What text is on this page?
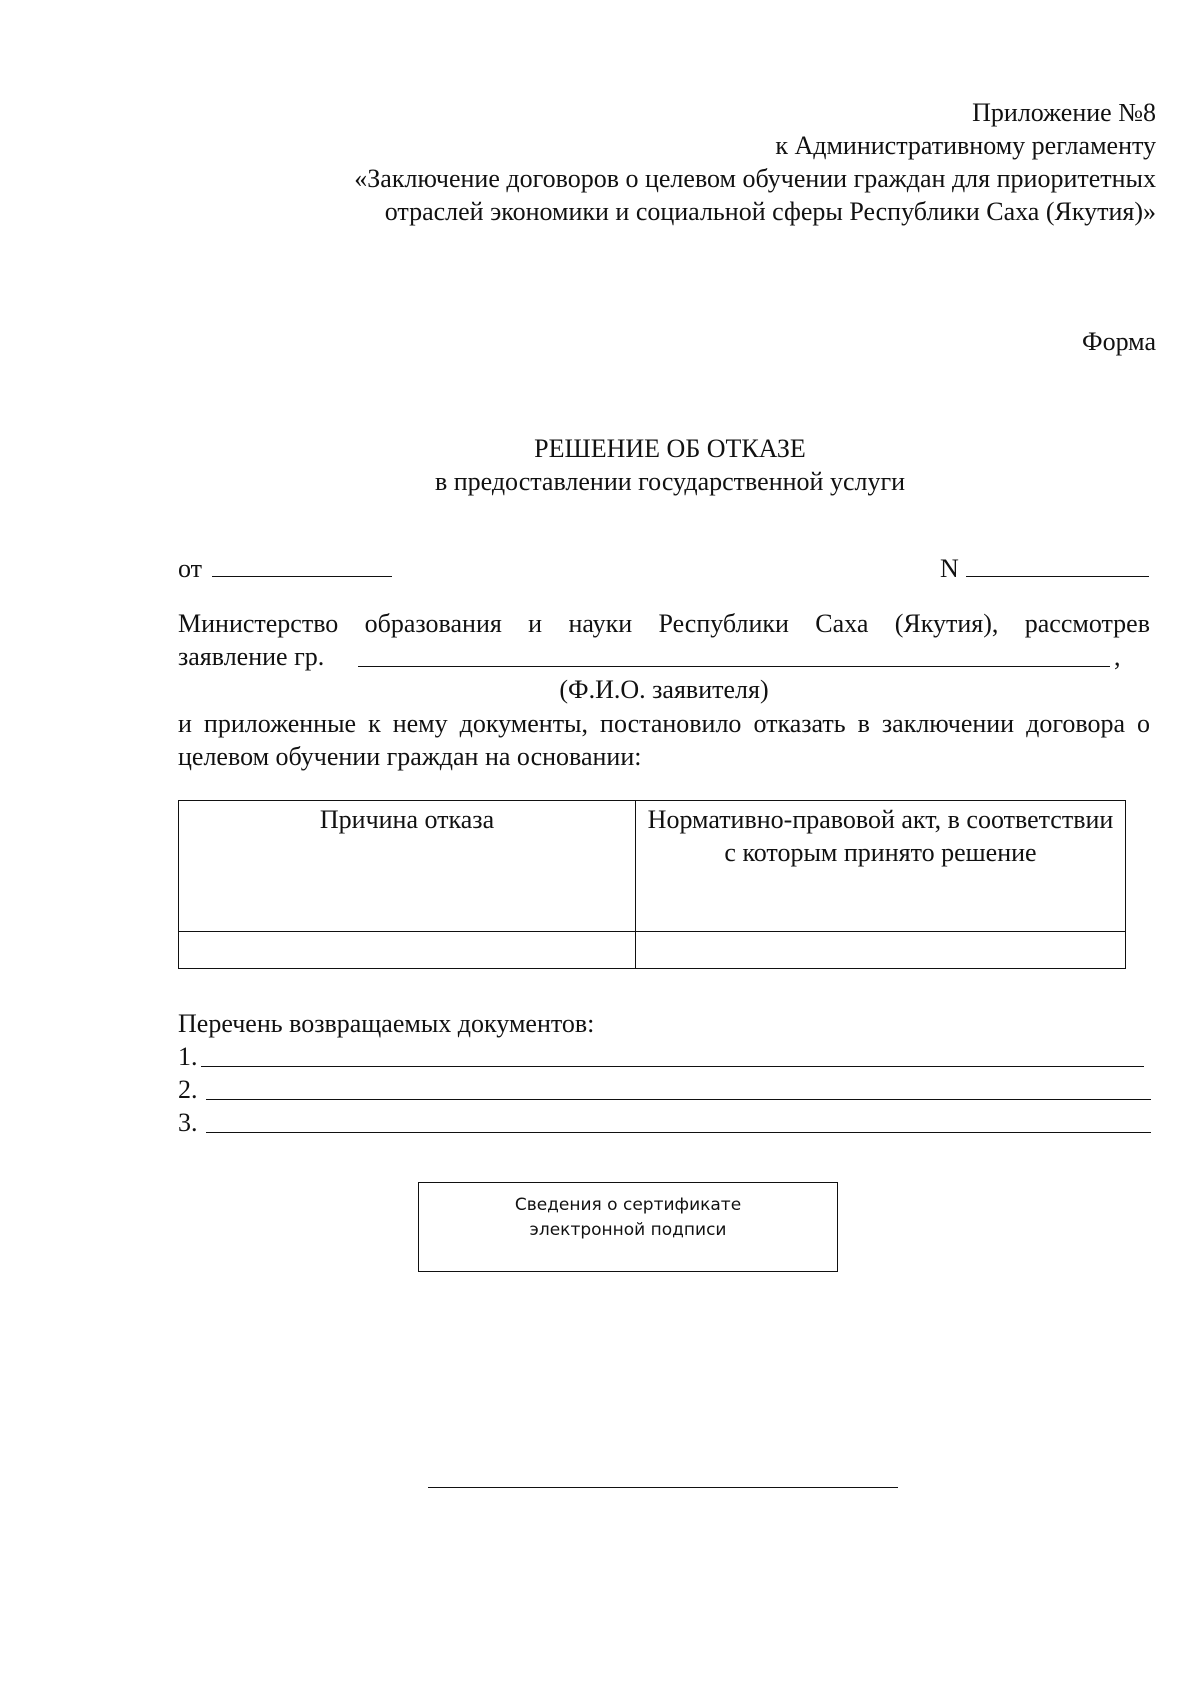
Приложение №8
к Административному регламенту
«Заключение договоров о целевом обучении граждан для приоритетных
отраслей экономики и социальной сферы Республики Саха (Якутия)»
Форма
РЕШЕНИЕ ОБ ОТКАЗЕ
в предоставлении государственной услуги
от	N
Министерство образования и науки Республики Саха (Якутия), рассмотрев
заявление гр.	,
(Ф.И.О. заявителя)
и приложенные к нему документы, постановило отказать в заключении договора о целевом обучении граждан на основании:
Причина отказа	Нормативно-правовой акт, в соответствии с которым принято решение

Перечень возвращаемых документов:
1.
2.
3.
Сведения о сертификате
электронной подписи
